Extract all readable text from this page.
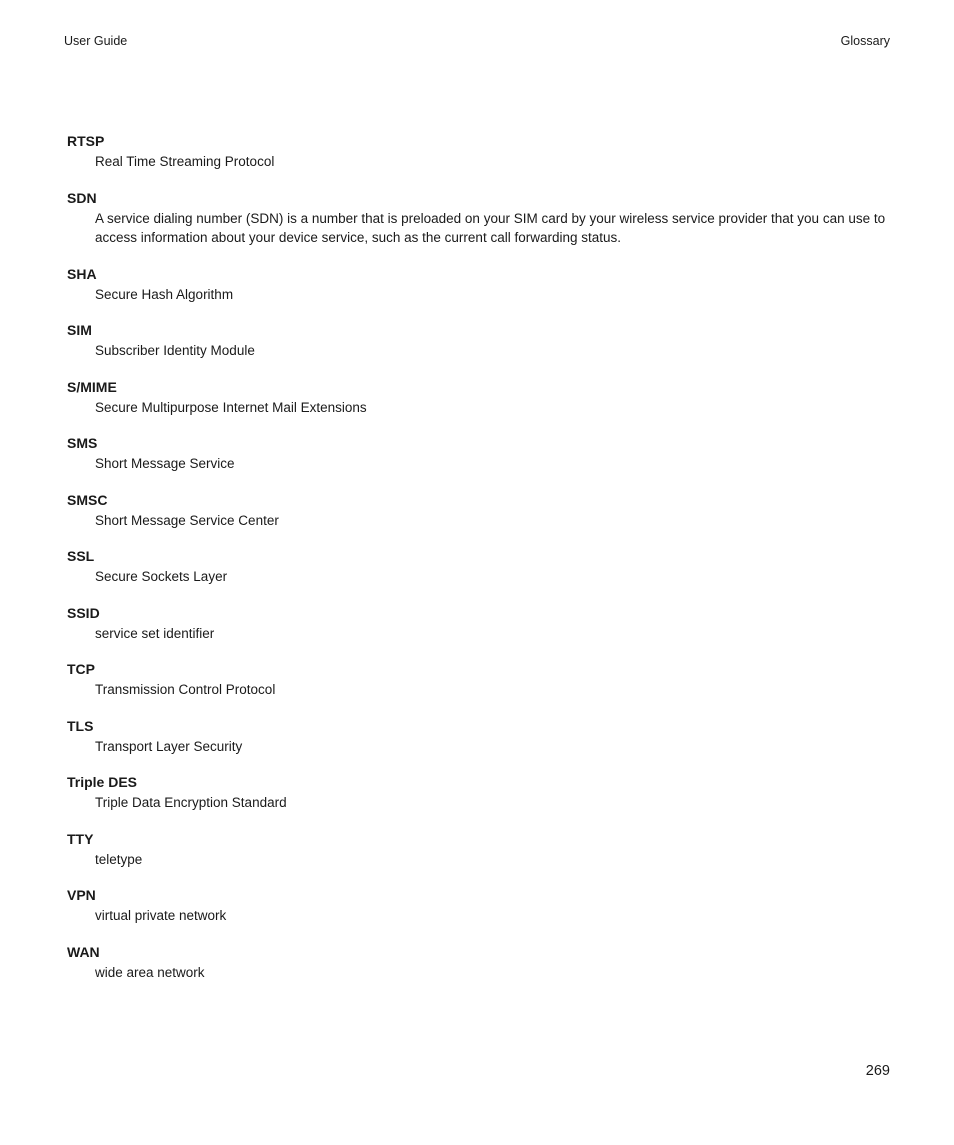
User Guide	Glossary
RTSP
Real Time Streaming Protocol
SDN
A service dialing number (SDN) is a number that is preloaded on your SIM card by your wireless service provider that you can use to access information about your device service, such as the current call forwarding status.
SHA
Secure Hash Algorithm
SIM
Subscriber Identity Module
S/MIME
Secure Multipurpose Internet Mail Extensions
SMS
Short Message Service
SMSC
Short Message Service Center
SSL
Secure Sockets Layer
SSID
service set identifier
TCP
Transmission Control Protocol
TLS
Transport Layer Security
Triple DES
Triple Data Encryption Standard
TTY
teletype
VPN
virtual private network
WAN
wide area network
269
